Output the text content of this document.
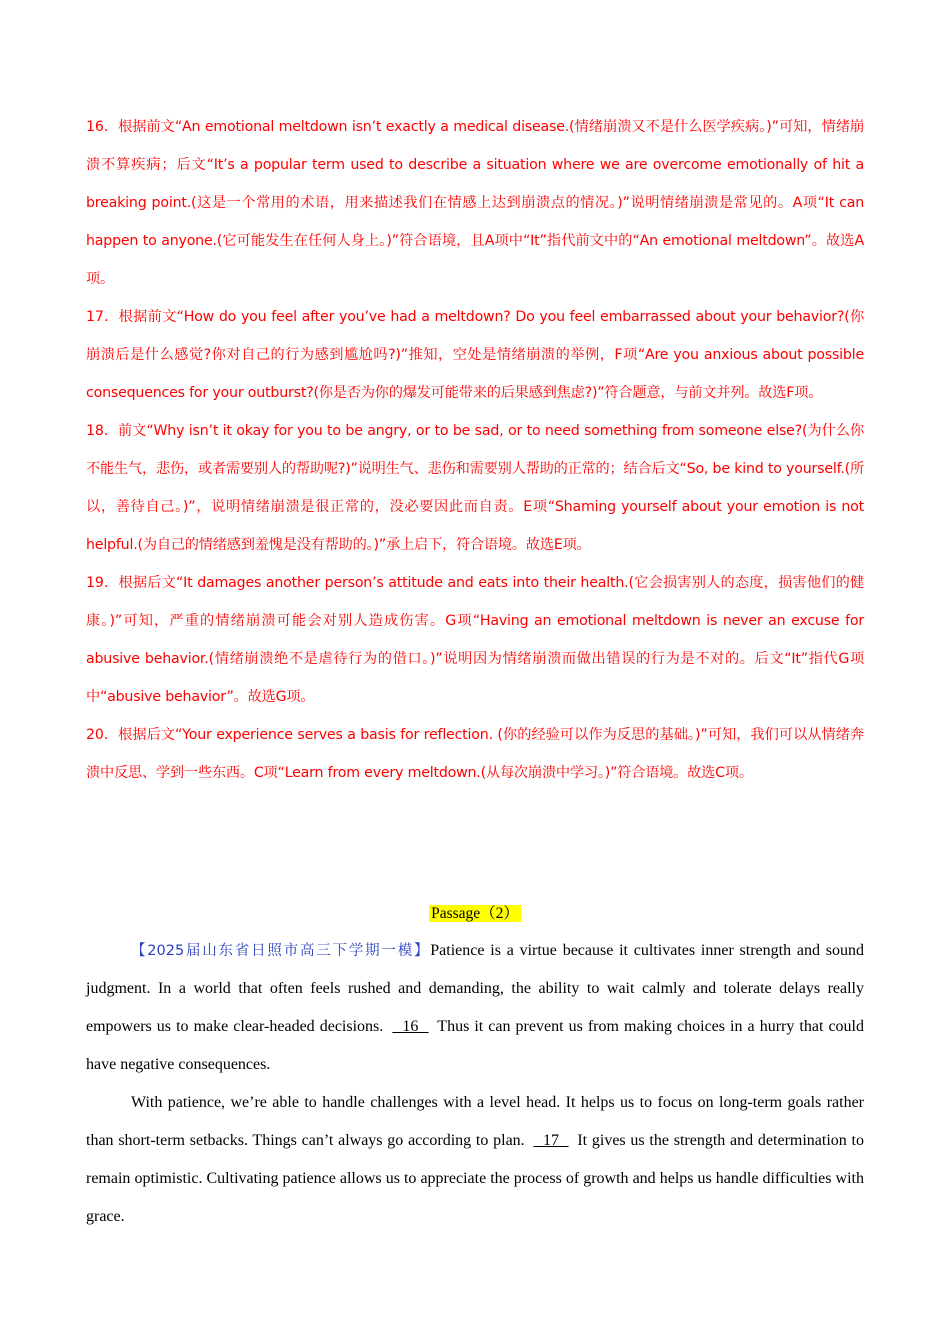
16．根据前文“An emotional meltdown isn’t exactly a medical disease.(情绪崩溃又不是什么医学疾病。)”可知，情绪崩溃不算疾病；后文“It’s a popular term used to describe a situation where we are overcome emotionally of hit a breaking point.(这是一个常用的术语，用来描述我们在情感上达到崩溃点的情况。)”说明情绪崩溃是常见的。A项“It can happen to anyone.(它可能发生在任何人身上。)”符合语境，且A项中“It”指代前文中的“An emotional meltdown”。故选A项。

17．根据前文“How do you feel after you’ve had a meltdown? Do you feel embarrassed about your behavior?(你崩溃后是什么感觉?你对自己的行为感到尴尬吗?)”推知，空处是情绪崩溃的举例，F项“Are you anxious about possible consequences for your outburst?(你是否为你的爆发可能带来的后果感到焦虑?)”符合题意，与前文并列。故选F项。

18．前文“Why isn’t it okay for you to be angry, or to be sad, or to need something from someone else?(为什么你不能生气，悲伤，或者需要别人的帮助呢?)”说明生气、悲伤和需要别人帮助的正常的；结合后文“So, be kind to yourself.(所以，善待自己。)”，说明情绪崩溃是很正常的，没必要因此而自责。E项“Shaming yourself about your emotion is not helpful.(为自己的情绪感到羞愧是没有帮助的。)”承上启下，符合语境。故选E项。

19．根据后文“It damages another person’s attitude and eats into their health.(它会损害别人的态度，损害他们的健康。)”可知，严重的情绪崩溃可能会对别人造成伤害。G项“Having an emotional meltdown is never an excuse for abusive behavior.(情绪崩溃绝不是虐待行为的借口。)”说明因为情绪崩溃而做出错误的行为是不对的。后文“It”指代G项中“abusive behavior”。故选G项。

20．根据后文“Your experience serves a basis for reflection. (你的经验可以作为反思的基础。)”可知，我们可以从情绪奔溃中反思、学到一些东西。C项“Learn from every meltdown.(从每次崩溃中学习。)”符合语境。故选C项。

Passage（2）

【2025届山东省日照市高三下学期一模】Patience is a virtue because it cultivates inner strength and sound judgment. In a world that often feels rushed and demanding, the ability to wait calmly and tolerate delays really empowers us to make clear-headed decisions.   16   Thus it can prevent us from making choices in a hurry that could have negative consequences.

With patience, we’re able to handle challenges with a level head. It helps us to focus on long-term goals rather than short-term setbacks. Things can’t always go according to plan.   17   It gives us the strength and determination to remain optimistic. Cultivating patience allows us to appreciate the process of growth and helps us handle difficulties with grace.
